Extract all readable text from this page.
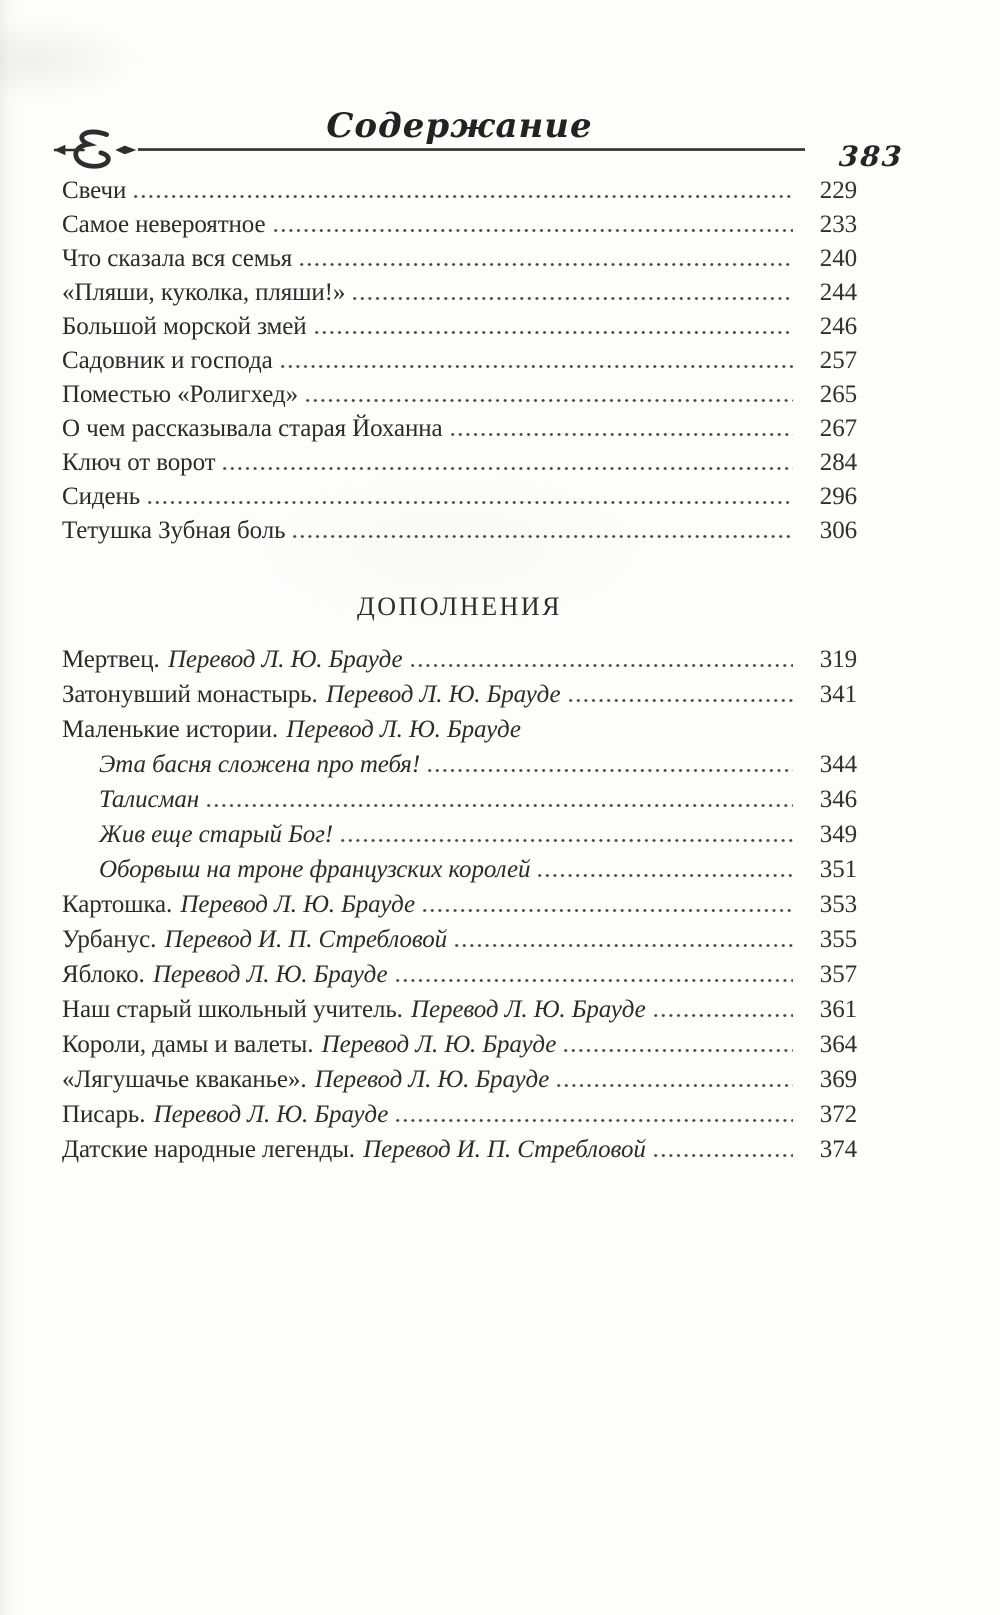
Содержание
383
Свечи	229
Самое невероятное	233
Что сказала вся семья	240
«Пляши, куколка, пляши!»	244
Большой морской змей	246
Садовник и господа	257
Поместью «Ролигхед»	265
О чем рассказывала старая Йоханна	267
Ключ от ворот	284
Сидень	296
Тетушка Зубная боль	306
ДОПОЛНЕНИЯ
Мертвец. Перевод Л. Ю. Брауде	319
Затонувший монастырь. Перевод Л. Ю. Брауде	341
Маленькие истории. Перевод Л. Ю. Брауде
Эта басня сложена про тебя!	344
Талисман	346
Жив еще старый Бог!	349
Оборвыш на троне французских королей	351
Картошка. Перевод Л. Ю. Брауде	353
Урбанус. Перевод И. П. Стребловой	355
Яблоко. Перевод Л. Ю. Брауде	357
Наш старый школьный учитель. Перевод Л. Ю. Брауде	361
Короли, дамы и валеты. Перевод Л. Ю. Брауде	364
«Лягушачье кваканье». Перевод Л. Ю. Брауде	369
Писарь. Перевод Л. Ю. Брауде	372
Датские народные легенды. Перевод И. П. Стребловой	374
